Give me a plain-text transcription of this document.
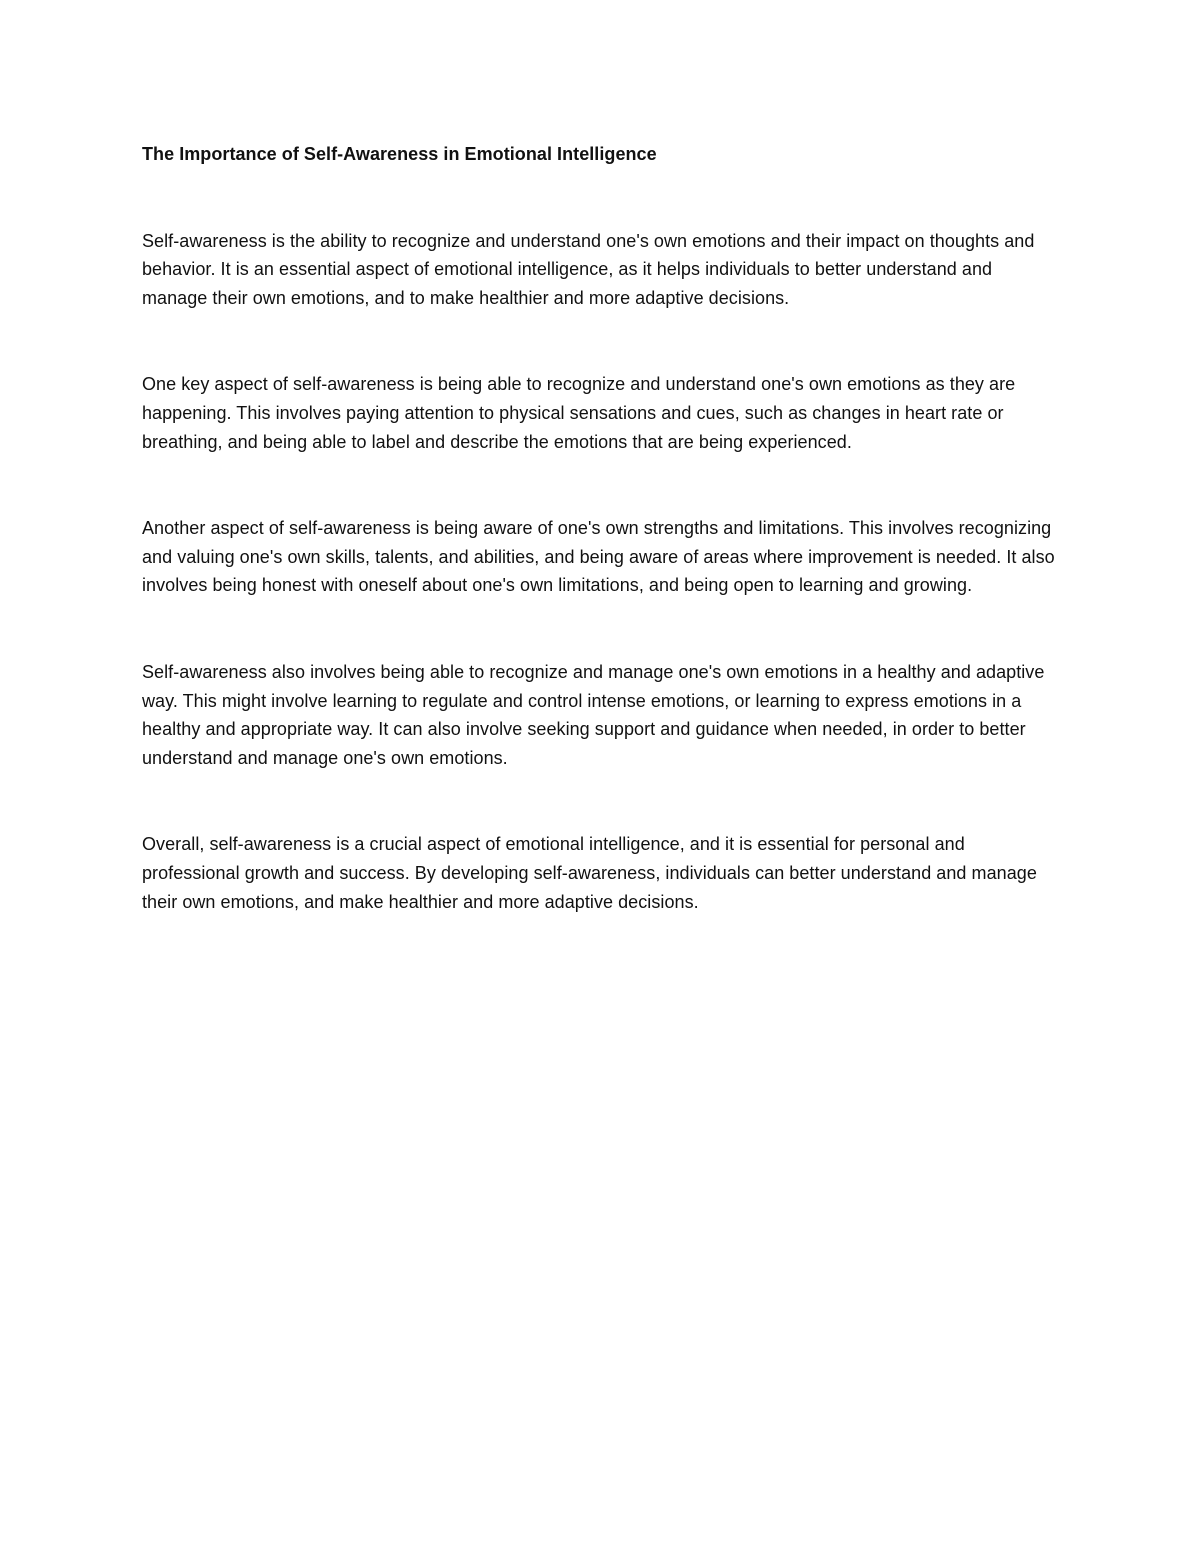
The Importance of Self-Awareness in Emotional Intelligence

Self-awareness is the ability to recognize and understand one's own emotions and their impact on thoughts and behavior. It is an essential aspect of emotional intelligence, as it helps individuals to better understand and manage their own emotions, and to make healthier and more adaptive decisions.

One key aspect of self-awareness is being able to recognize and understand one's own emotions as they are happening. This involves paying attention to physical sensations and cues, such as changes in heart rate or breathing, and being able to label and describe the emotions that are being experienced.

Another aspect of self-awareness is being aware of one's own strengths and limitations. This involves recognizing and valuing one's own skills, talents, and abilities, and being aware of areas where improvement is needed. It also involves being honest with oneself about one's own limitations, and being open to learning and growing.

Self-awareness also involves being able to recognize and manage one's own emotions in a healthy and adaptive way. This might involve learning to regulate and control intense emotions, or learning to express emotions in a healthy and appropriate way. It can also involve seeking support and guidance when needed, in order to better understand and manage one's own emotions.

Overall, self-awareness is a crucial aspect of emotional intelligence, and it is essential for personal and professional growth and success. By developing self-awareness, individuals can better understand and manage their own emotions, and make healthier and more adaptive decisions.
